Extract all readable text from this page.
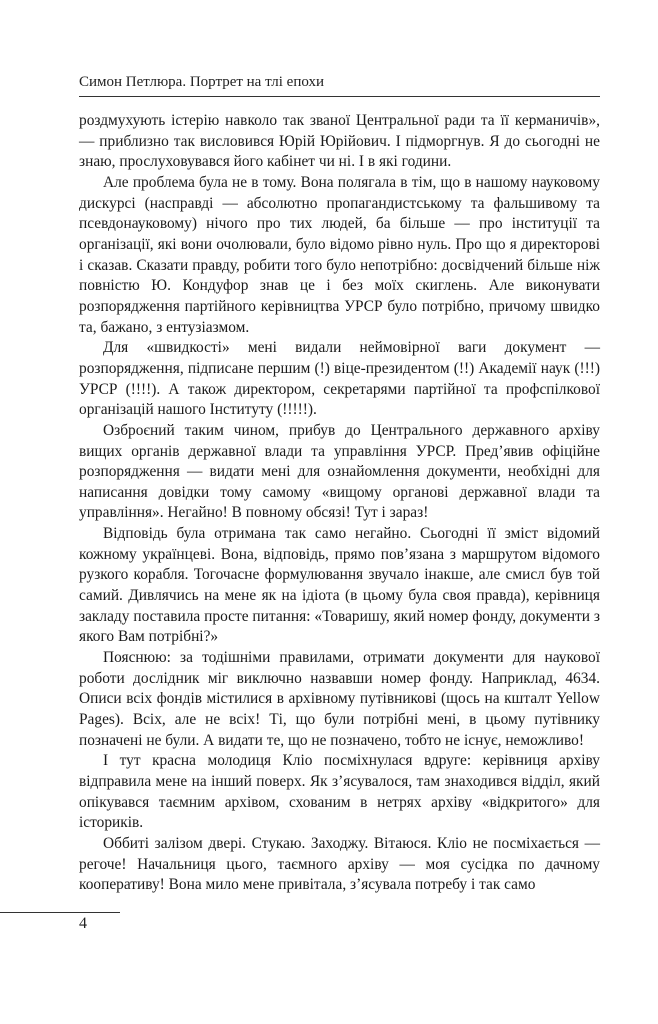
Симон Петлюра. Портрет на тлі епохи

роздмухують істерію навколо так званої Центральної ради та її керманичів», — приблизно так висловився Юрій Юрійович. І підморгнув. Я до сьогодні не знаю, прослуховувався його кабінет чи ні. І в які години.

Але проблема була не в тому. Вона полягала в тім, що в нашому науковому дискурсі (насправді — абсолютно пропагандистському та фальшивому та псевдонауковому) нічого про тих людей, ба більше — про інституції та організації, які вони очолювали, було відомо рівно нуль. Про що я директорові і сказав. Сказати правду, робити того було непотрібно: досвідчений більше ніж повністю Ю. Кондуфор знав це і без моїх скиглень. Але виконувати розпорядження партійного керівництва УРСР було потрібно, причому швидко та, бажано, з ентузіазмом.

Для «швидкості» мені видали неймовірної ваги документ — розпорядження, підписане першим (!) віце-президентом (!!) Академії наук (!!!) УРСР (!!!!). А також директором, секретарями партійної та профспілкової організацій нашого Інституту (!!!!!).

Озброєний таким чином, прибув до Центрального державного архіву вищих органів державної влади та управління УРСР. Пред’явив офіційне розпорядження — видати мені для ознайомлення документи, необхідні для написання довідки тому самому «вищому органові державної влади та управління». Негайно! В повному обсязі! Тут і зараз!

Відповідь була отримана так само негайно. Сьогодні її зміст відомий кожному українцеві. Вона, відповідь, прямо пов’язана з маршрутом відомого рузкого корабля. Тогочасне формулювання звучало інакше, але смисл був той самий. Дивлячись на мене як на ідіота (в цьому була своя правда), керівниця закладу поставила просте питання: «Товаришу, який номер фонду, документи з якого Вам потрібні?»

Пояснюю: за тодішніми правилами, отримати документи для наукової роботи дослідник міг виключно назвавши номер фонду. Наприклад, 4634. Описи всіх фондів містилися в архівному путівникові (щось на кшталт Yellow Pages). Всіх, але не всіх! Ті, що були потрібні мені, в цьому путівнику позначені не були. А видати те, що не позначено, тобто не існує, неможливо!

І тут красна молодиця Кліо посміхнулася вдруге: керівниця архіву відправила мене на інший поверх. Як з’ясувалося, там знаходився відділ, який опікувався таємним архівом, схованим в нетрях архіву «відкритого» для істориків.

Оббиті залізом двері. Стукаю. Заходжу. Вітаюся. Кліо не посміхається — регоче! Начальниця цього, таємного архіву — моя сусідка по дачному кооперативу! Вона мило мене привітала, з’ясувала потребу і так само

4
